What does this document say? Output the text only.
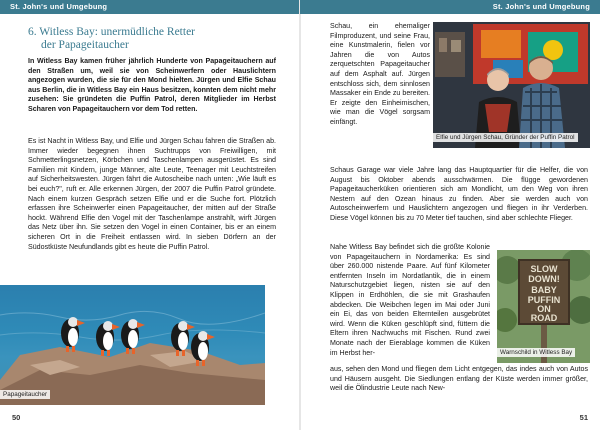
St. John's und Umgebung
6. Witless Bay: unermüdliche Retter
der Papageitaucher
In Witless Bay kamen früher jährlich Hunderte von Papageitauchern auf den Straßen um, weil sie von Scheinwerfern oder Hauslichtern angezogen wurden, die sie für den Mond hielten. Jürgen und Elfie Schau aus Berlin, die in Witless Bay ein Haus besitzen, konnten dem nicht mehr zusehen: Sie gründeten die Puffin Patrol, deren Mitglieder im Herbst Scharen von Papageitauchern vor dem Tod retten.
Es ist Nacht in Witless Bay, und Elfie und Jürgen Schau fahren die Straßen ab. Immer wieder begegnen ihnen Suchtrupps von Freiwilligen, mit Schmetterlingsnetzen, Körbchen und Taschenlampen ausgerüstet. Es sind Familien mit Kindern, junge Männer, alte Leute, Teenager mit Leuchtstreifen auf Sicherheitswesten. Jürgen fährt die Autoscheibe nach unten: „Wie läuft es bei euch?", ruft er. Alle erkennen Jürgen, der 2007 die Puffin Patrol gründete. Nach einem kurzen Gespräch setzen Elfie und er die Suche fort. Plötzlich erfassen ihre Scheinwerfer einen Papageitaucher, der mitten auf der Straße hockt. Während Elfie den Vogel mit der Taschenlampe anstrahlt, wirft Jürgen das Netz über ihn. Sie setzen den Vogel in einen Container, bis er an einem sicheren Ort in die Freiheit entlassen wird. In sieben Dörfern an der Südostküste Neufundlands gibt es heute die Puffin Patrol.
Papageitaucher
50
St. John's und Umgebung
Schau, ein ehemaliger Filmproduzent, und seine Frau, eine Kunstmalerin, fielen vor Jahren die von Autos zerquetschten Papageitaucher auf dem Asphalt auf. Jürgen entschloss sich, dem sinnlosen Massaker ein Ende zu bereiten. Er zeigte den Einheimischen, wie man die Vögel sorgsam einfängt.
Elfie und Jürgen Schau, Gründer der Puffin Patrol
Schaus Garage war viele Jahre lang das Hauptquartier für die Helfer, die von August bis Oktober abends ausschwärmen. Die flügge gewordenen Papageitaucherküken orientieren sich am Mondlicht, um den Weg von ihren Nestern auf den Ozean hinaus zu finden. Aber sie werden auch von Autoscheinwerfern und Hauslichtern angezogen und fliegen in ihr Verderben. Diese Vögel können bis zu 70 Meter tief tauchen, sind aber schlechte Flieger.
Nahe Witless Bay befindet sich die größte Kolonie von Papageitauchern in Nordamerika: Es sind über 260.000 nistende Paare. Auf fünf Kilometer entfernten Inseln im Nordatlantik, die in einem Naturschutzgebiet liegen, nisten sie auf den Klippen in Erdhöhlen, die sie mit Grashaufen abdecken. Die Weibchen legen im Mai oder Juni ein Ei, das von beiden Elternteilen ausgebrütet wird. Wenn die Küken geschlüpft sind, füttern die Eltern ihren Nachwuchs mit Fischen. Rund zwei Monate nach der Eierablage kommen die Küken im Herbst her-
SLOW
DOWN!
BABY
PUFFIN
ON
ROAD
Warnschild in Witless Bay
aus, sehen den Mond und fliegen dem Licht entgegen, das indes auch von Autos und Häusern ausgeht. Die Siedlungen entlang der Küste werden immer größer, weil die Ölindustrie Leute nach New-
51
